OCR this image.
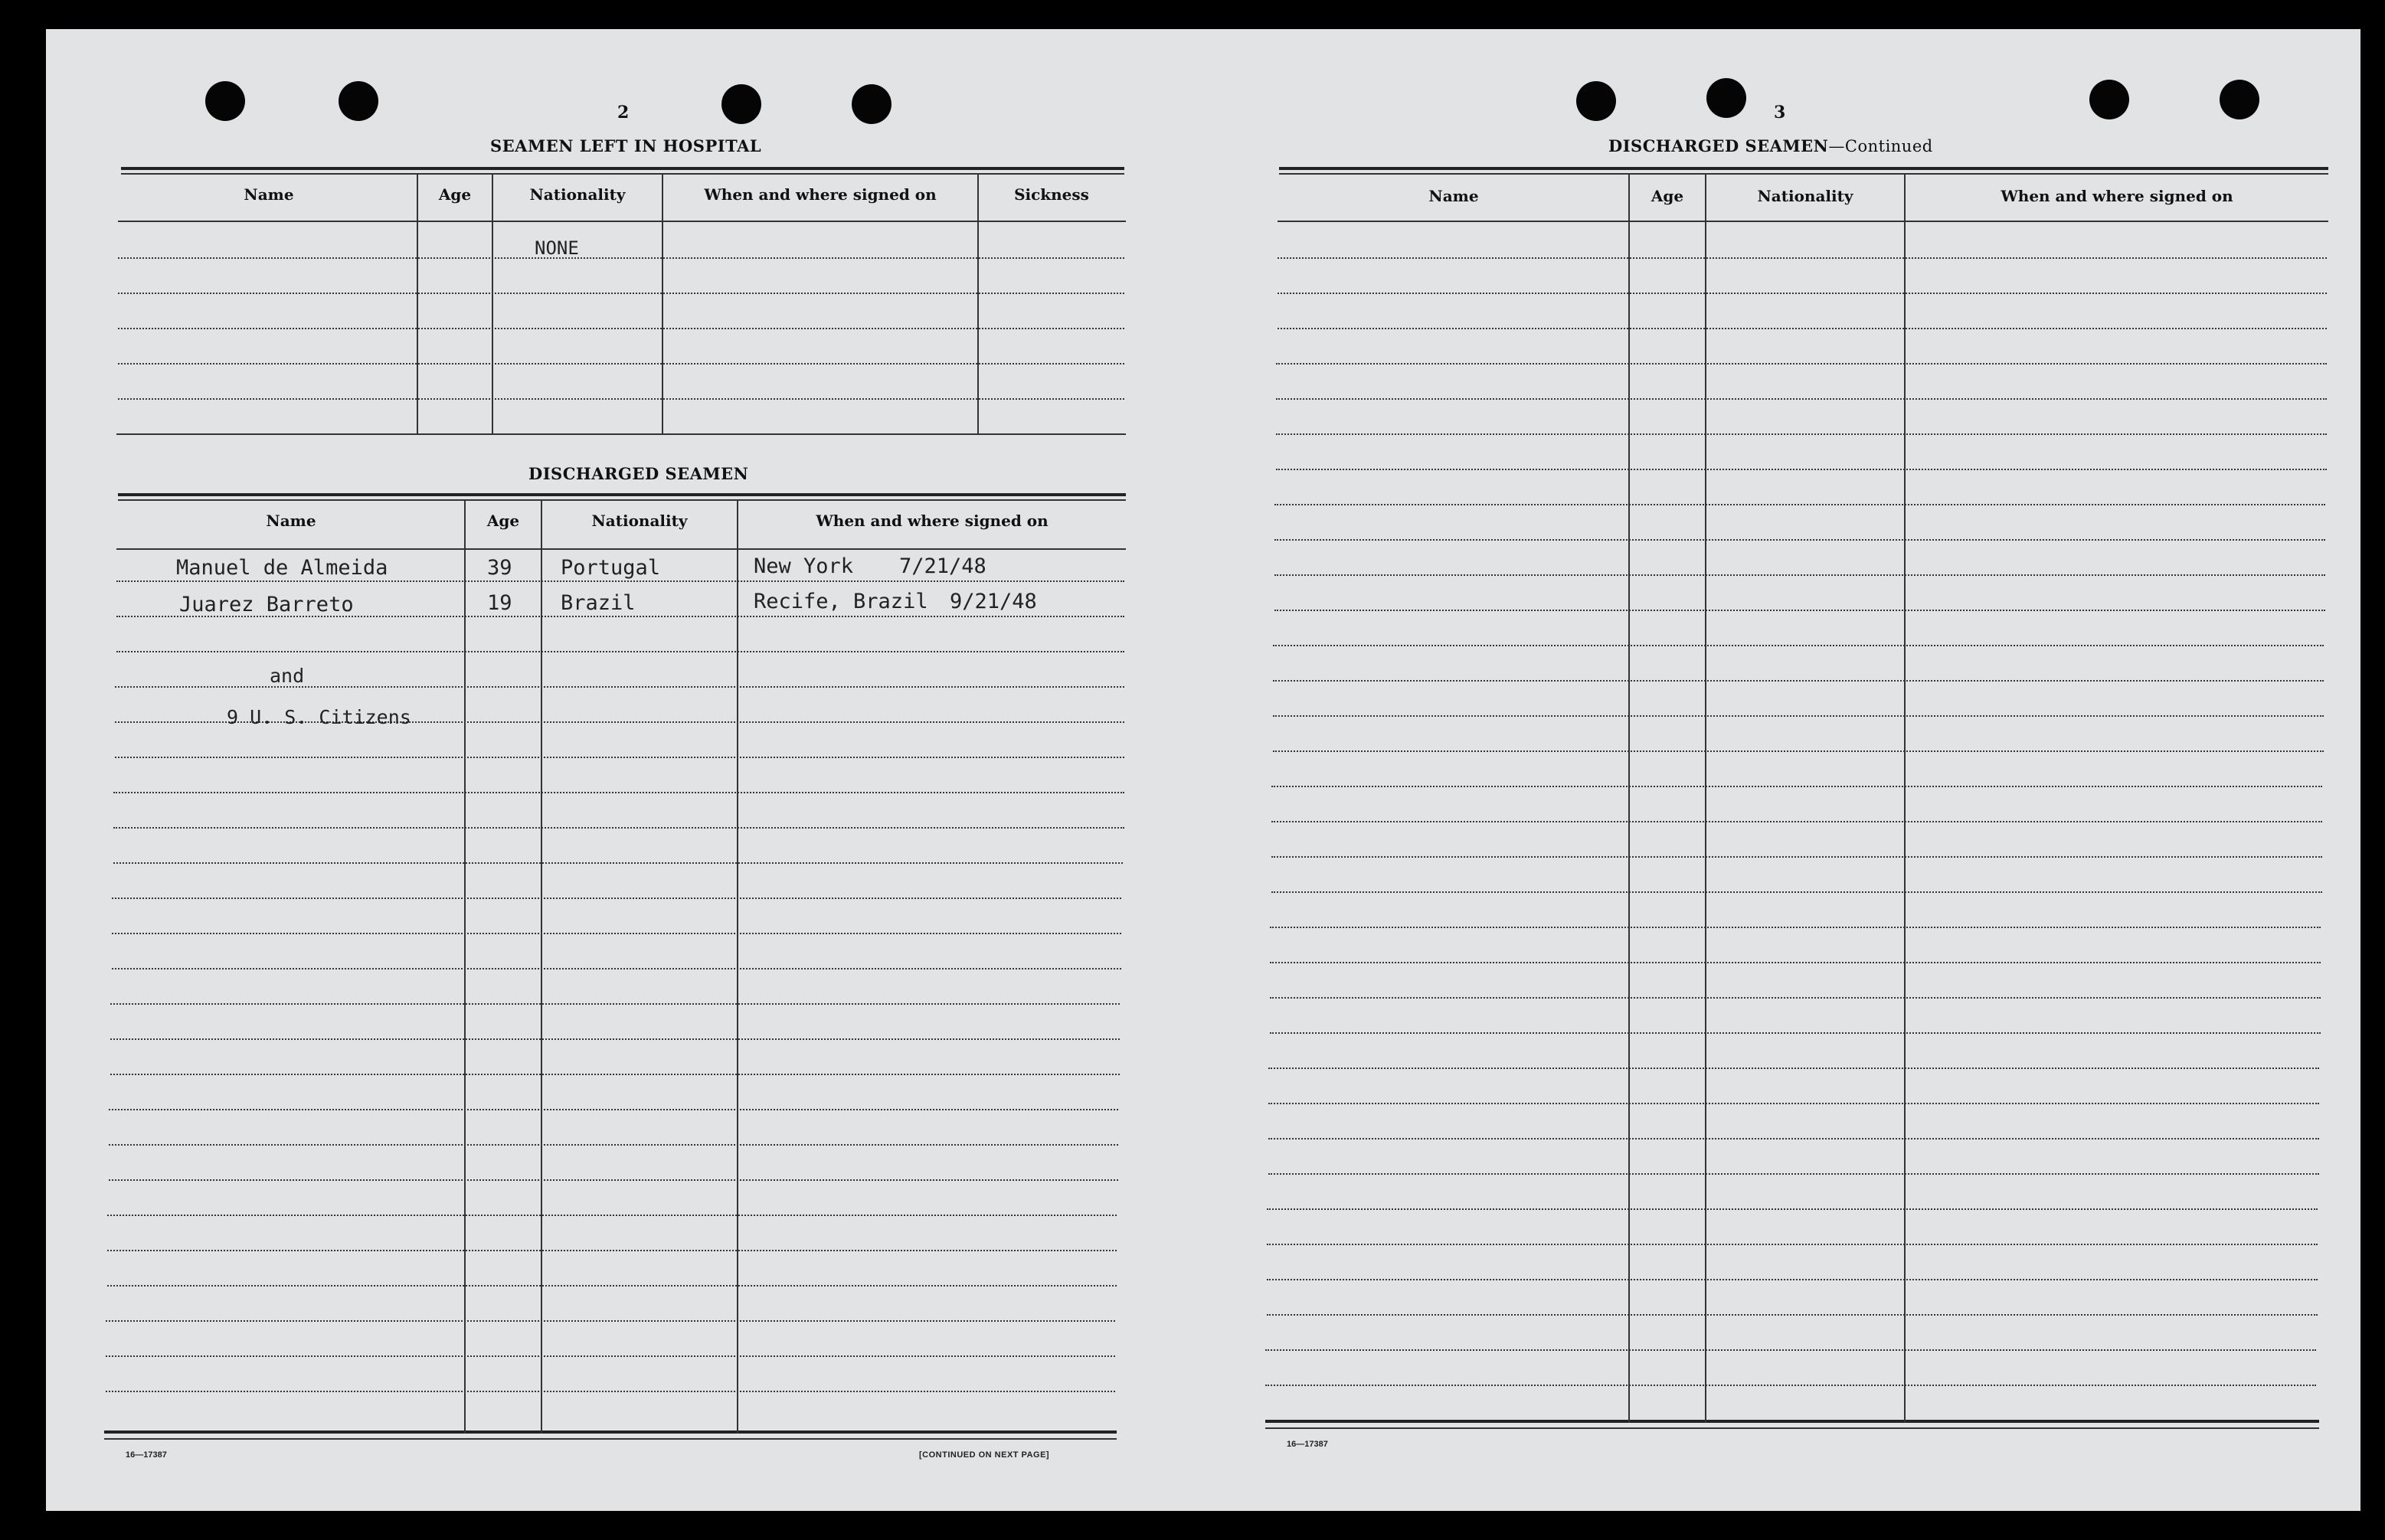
2
SEAMEN LEFT IN HOSPITAL
Name	Age	Nationality	When and where signed on	Sickness
NONE
DISCHARGED SEAMEN
Name	Age	Nationality	When and where signed on
Manuel de Almeida	39 Portugal	New York 7/21/48
Juarez Barreto	19 Brazil	Recife, Brazil 9/21/48
and
9 U. S. Citizens
16—17387	[CONTINUED ON NEXT PAGE]
3
DISCHARGED SEAMEN—Continued
Name	Age	Nationality	When and where signed on
16—17387
